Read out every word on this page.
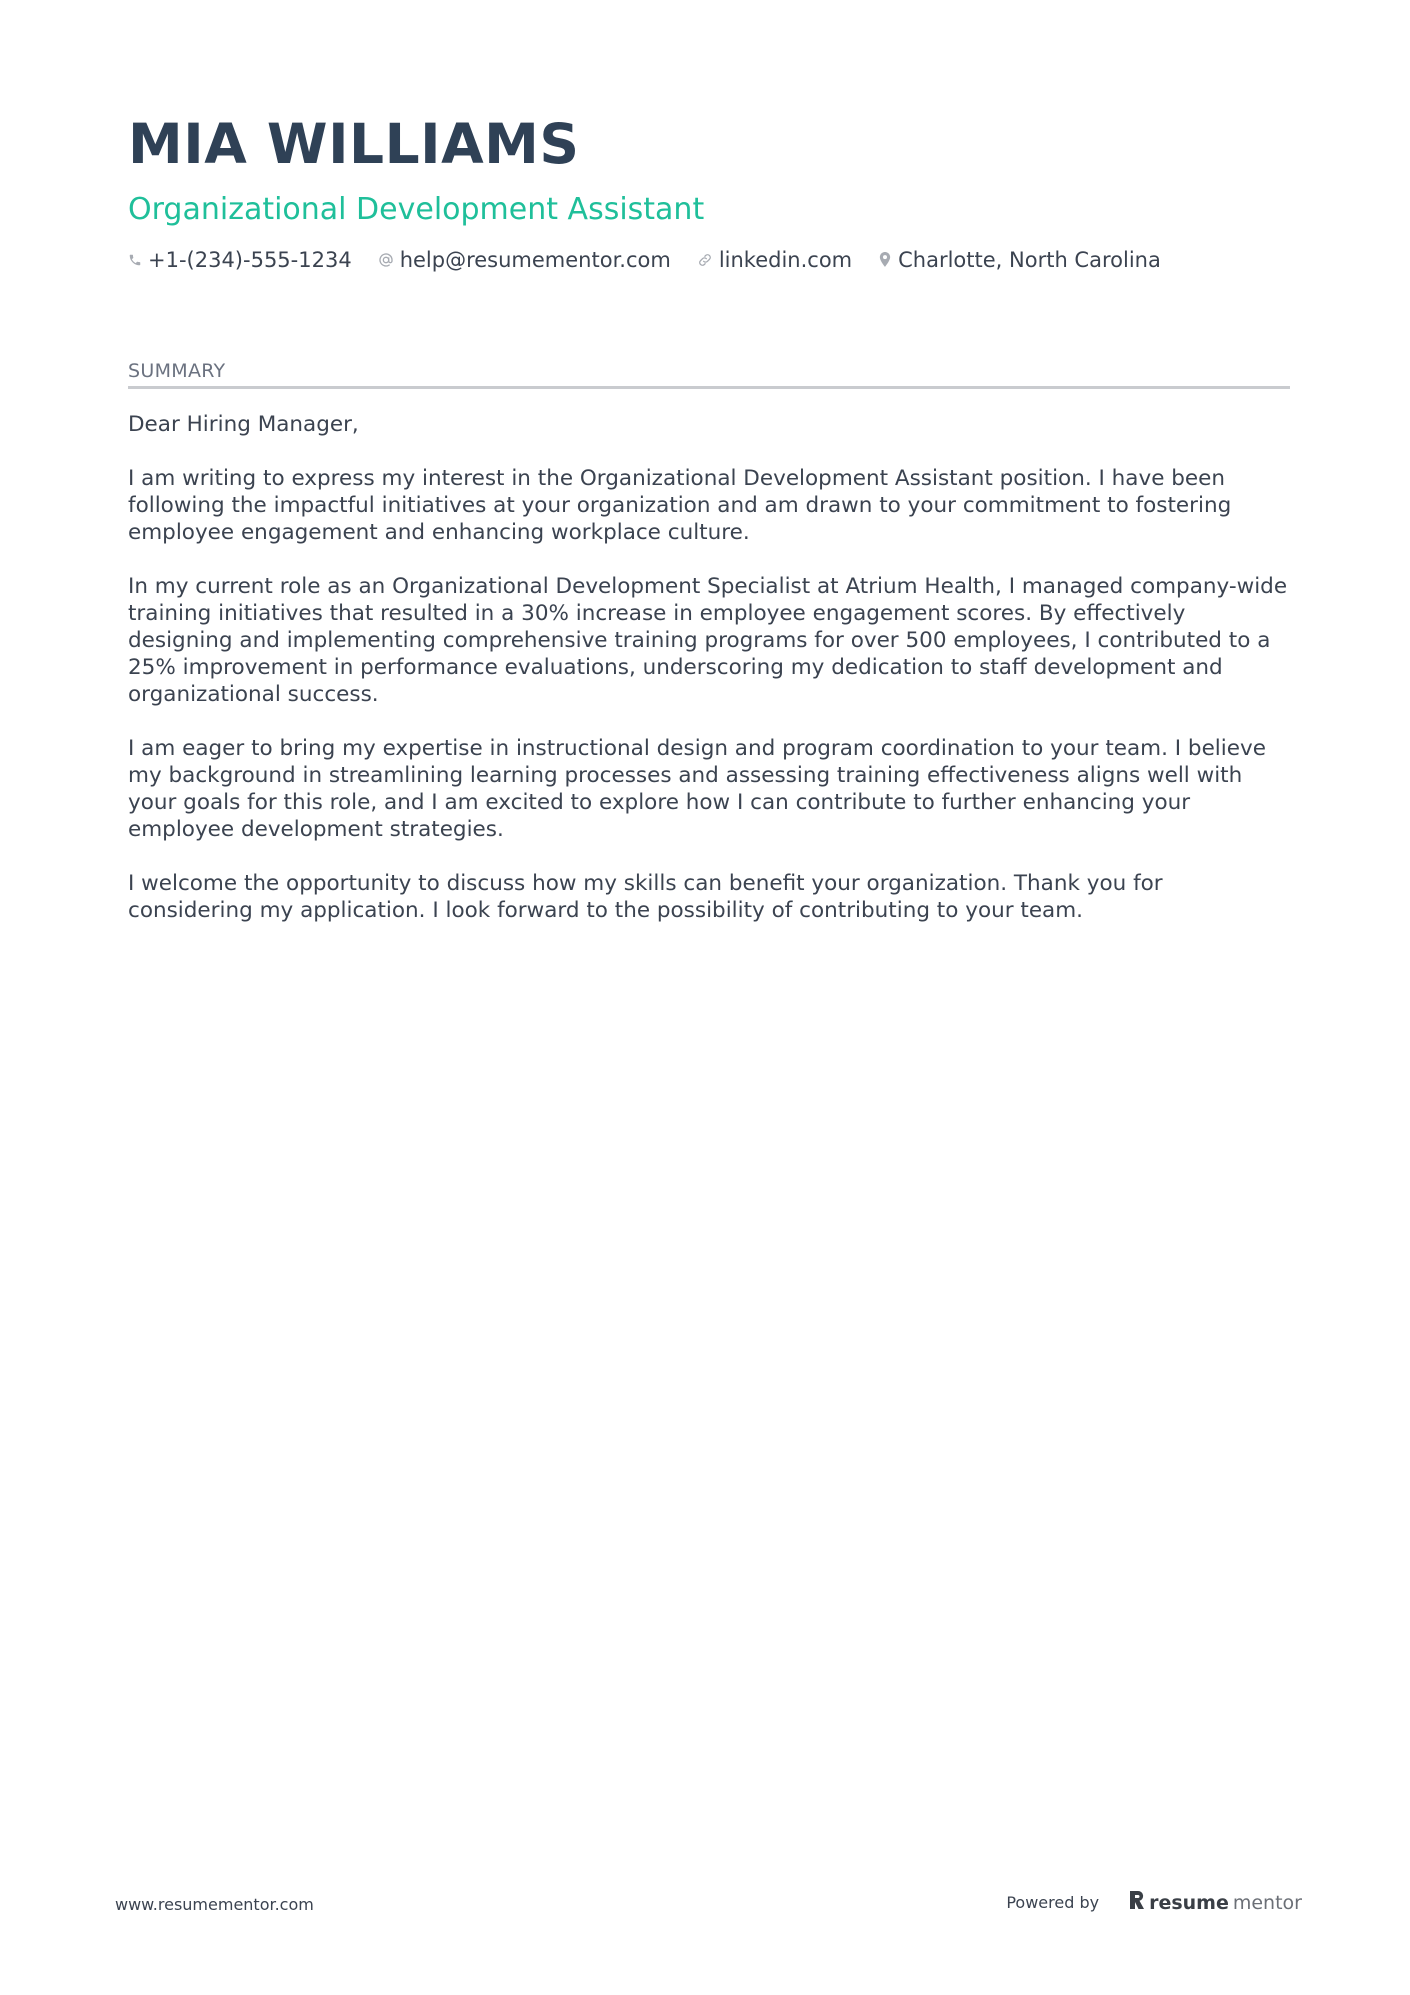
MIA WILLIAMS
Organizational Development Assistant
+1-(234)-555-1234 help@resumementor.com linkedin.com Charlotte, North Carolina
SUMMARY

Dear Hiring Manager,

I am writing to express my interest in the Organizational Development Assistant position. I have been following the impactful initiatives at your organization and am drawn to your commitment to fostering employee engagement and enhancing workplace culture.

In my current role as an Organizational Development Specialist at Atrium Health, I managed company-wide training initiatives that resulted in a 30% increase in employee engagement scores. By effectively designing and implementing comprehensive training programs for over 500 employees, I contributed to a 25% improvement in performance evaluations, underscoring my dedication to staff development and organizational success.

I am eager to bring my expertise in instructional design and program coordination to your team. I believe my background in streamlining learning processes and assessing training effectiveness aligns well with your goals for this role, and I am excited to explore how I can contribute to further enhancing your employee development strategies.

I welcome the opportunity to discuss how my skills can benefit your organization. Thank you for considering my application. I look forward to the possibility of contributing to your team.

www.resumementor.com	Powered by	resume mentor
